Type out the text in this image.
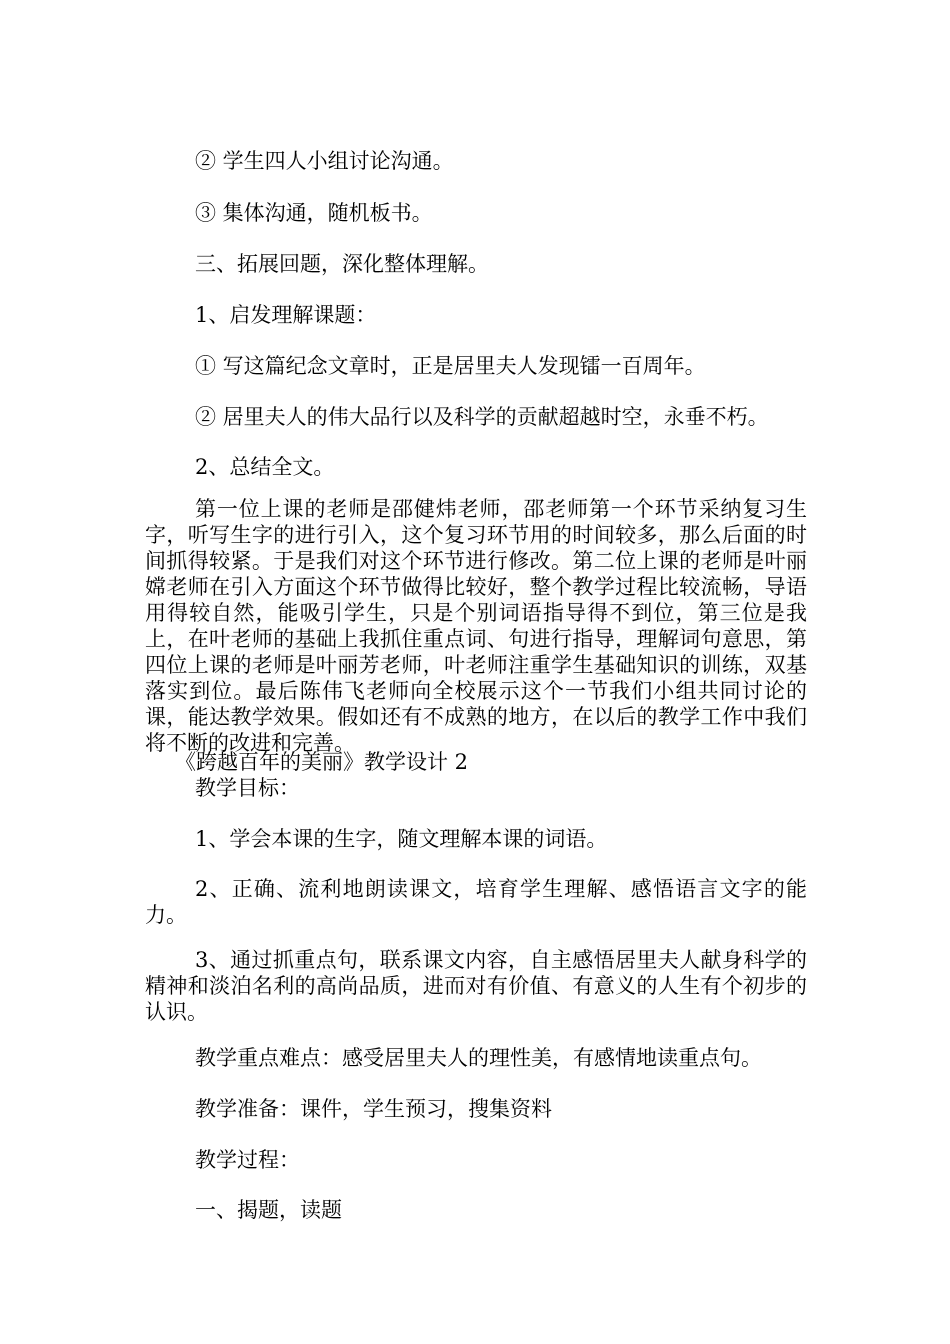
② 学生四人小组讨论沟通。
③ 集体沟通，随机板书。
三、拓展回题，深化整体理解。
1、启发理解课题：
① 写这篇纪念文章时，正是居里夫人发现镭一百周年。
② 居里夫人的伟大品行以及科学的贡献超越时空，永垂不朽。
2、总结全文。
第一位上课的老师是邵健炜老师，邵老师第一个环节采纳复习生字，听写生字的进行引入，这个复习环节用的时间较多，那么后面的时间抓得较紧。于是我们对这个环节进行修改。第二位上课的老师是叶丽嫦老师在引入方面这个环节做得比较好，整个教学过程比较流畅，导语用得较自然，能吸引学生，只是个别词语指导得不到位，第三位是我上，在叶老师的基础上我抓住重点词、句进行指导，理解词句意思，第四位上课的老师是叶丽芳老师，叶老师注重学生基础知识的训练，双基落实到位。最后陈伟飞老师向全校展示这个一节我们小组共同讨论的课，能达教学效果。假如还有不成熟的地方，在以后的教学工作中我们将不断的改进和完善。
《跨越百年的美丽》教学设计 2
教学目标：
1、学会本课的生字，随文理解本课的词语。
2、正确、流利地朗读课文，培育学生理解、感悟语言文字的能力。
3、通过抓重点句，联系课文内容，自主感悟居里夫人献身科学的精神和淡泊名利的高尚品质，进而对有价值、有意义的人生有个初步的认识。
教学重点难点：感受居里夫人的理性美，有感情地读重点句。
教学准备：课件，学生预习，搜集资料
教学过程：
一、揭题，读题
